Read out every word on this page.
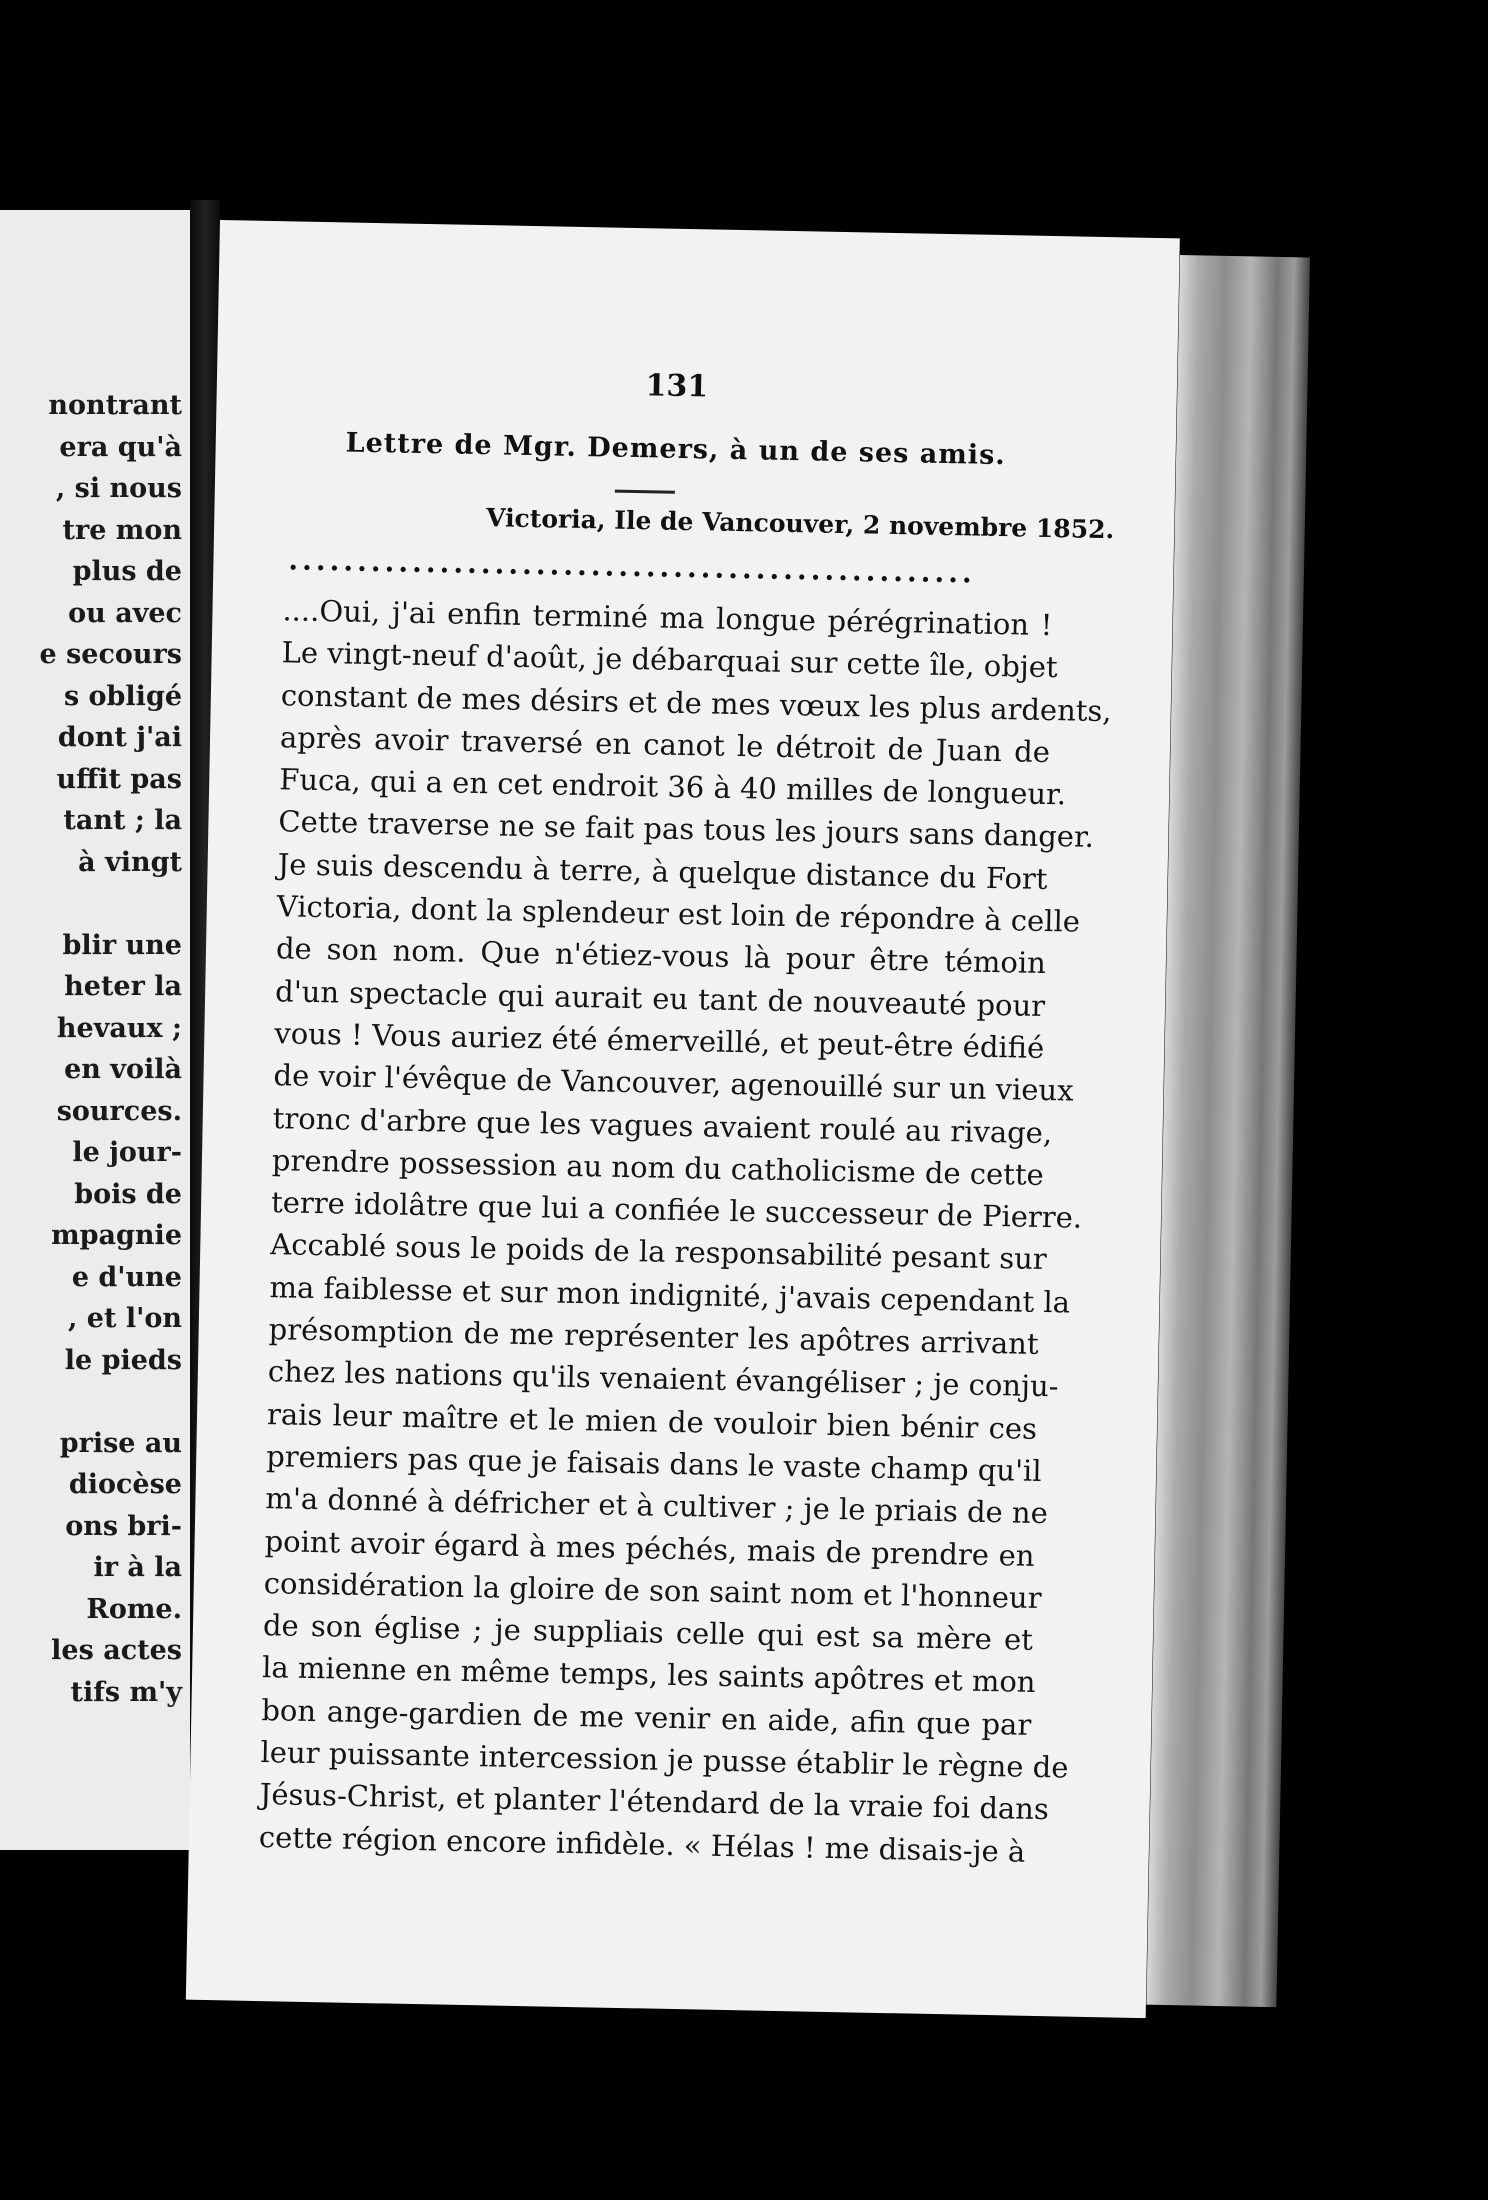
nontrant
era qu'à
, si nous
tre mon
plus de
ou avec
e secours
s obligé
dont j'ai
uffit pas
tant ; la
à vingt
blir une
heter la
hevaux ;
en voilà
sources.
le jour-
bois de
mpagnie
e d'une
, et l'on
le pieds
prise au
diocèse
ons bri-
ir à la
Rome.
les actes
tifs m'y
131
Lettre de Mgr. Demers, à un de ses amis.
Victoria, Ile de Vancouver, 2 novembre 1852.
..................................................
....Oui, j'ai enfin terminé ma longue pérégrination !
Le vingt-neuf d'août, je débarquai sur cette île, objet
constant de mes désirs et de mes vœux les plus ardents,
après avoir traversé en canot le détroit de Juan de
Fuca, qui a en cet endroit 36 à 40 milles de longueur.
Cette traverse ne se fait pas tous les jours sans danger.
Je suis descendu à terre, à quelque distance du Fort
Victoria, dont la splendeur est loin de répondre à celle
de son nom. Que n'étiez-vous là pour être témoin
d'un spectacle qui aurait eu tant de nouveauté pour
vous ! Vous auriez été émerveillé, et peut-être édifié
de voir l'évêque de Vancouver, agenouillé sur un vieux
tronc d'arbre que les vagues avaient roulé au rivage,
prendre possession au nom du catholicisme de cette
terre idolâtre que lui a confiée le successeur de Pierre.
Accablé sous le poids de la responsabilité pesant sur
ma faiblesse et sur mon indignité, j'avais cependant la
présomption de me représenter les apôtres arrivant
chez les nations qu'ils venaient évangéliser ; je conju-
rais leur maître et le mien de vouloir bien bénir ces
premiers pas que je faisais dans le vaste champ qu'il
m'a donné à défricher et à cultiver ; je le priais de ne
point avoir égard à mes péchés, mais de prendre en
considération la gloire de son saint nom et l'honneur
de son église ; je suppliais celle qui est sa mère et
la mienne en même temps, les saints apôtres et mon
bon ange-gardien de me venir en aide, afin que par
leur puissante intercession je pusse établir le règne de
Jésus-Christ, et planter l'étendard de la vraie foi dans
cette région encore infidèle. « Hélas ! me disais-je à
